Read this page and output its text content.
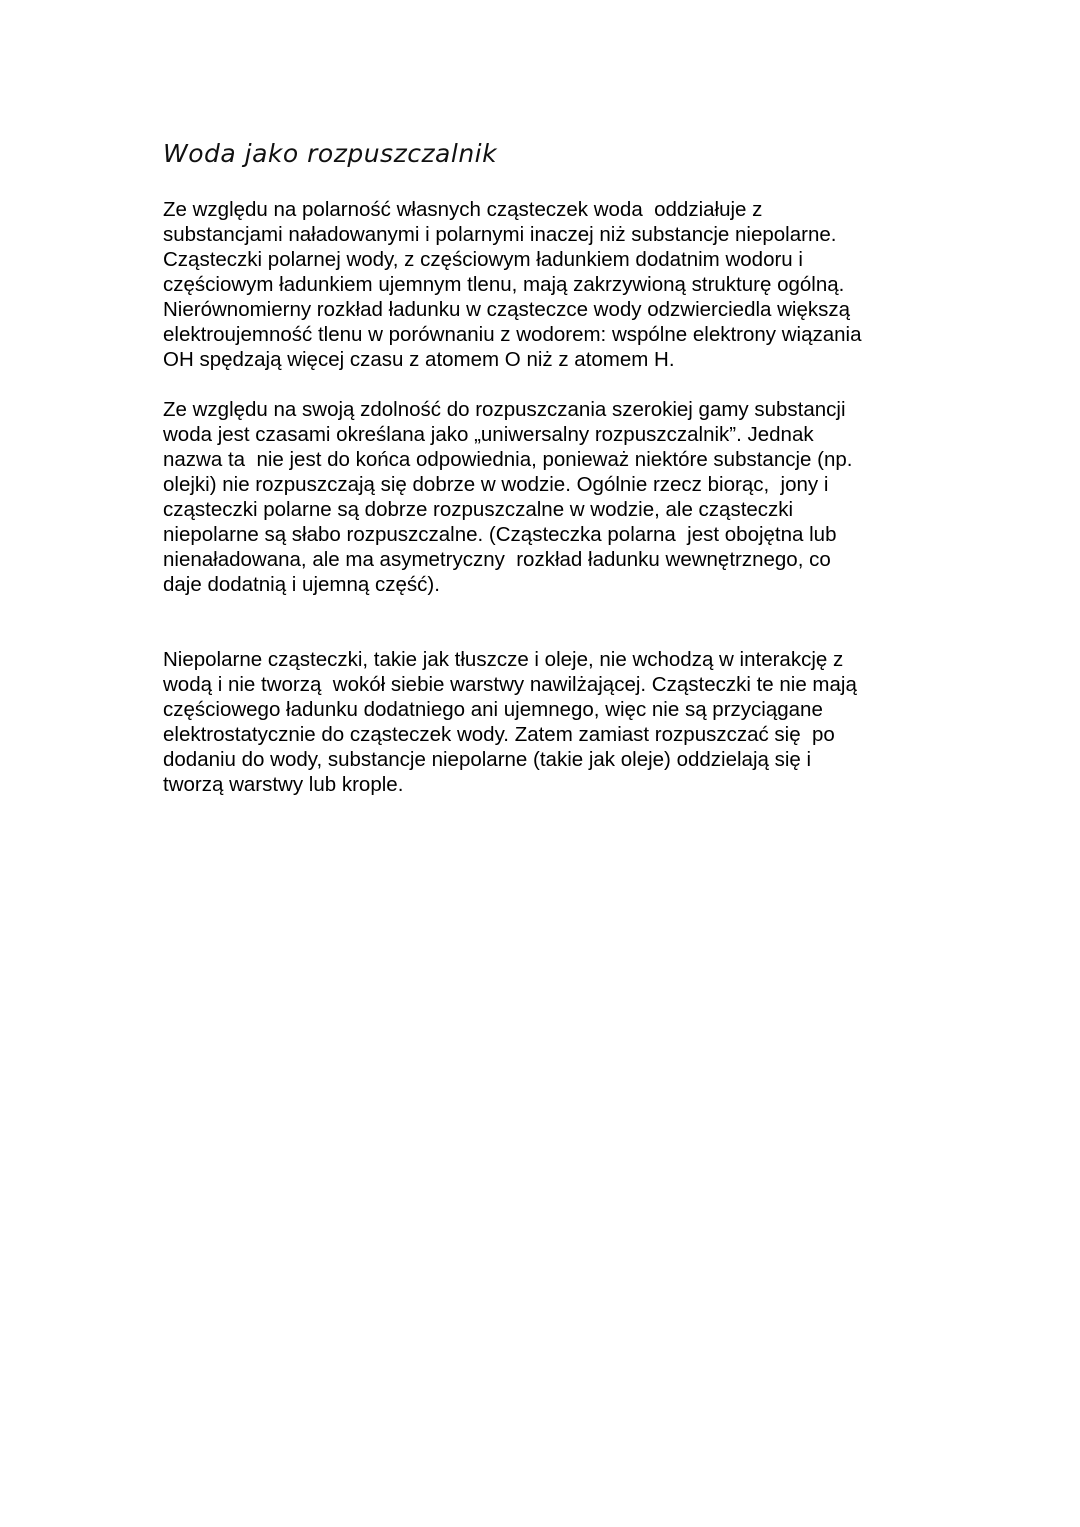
Woda jako rozpuszczalnik
Ze względu na polarność własnych cząsteczek woda  oddziałuje z
substancjami naładowanymi i polarnymi inaczej niż substancje niepolarne.
Cząsteczki polarnej wody, z częściowym ładunkiem dodatnim wodoru i
częściowym ładunkiem ujemnym tlenu, mają zakrzywioną strukturę ogólną.
Nierównomierny rozkład ładunku w cząsteczce wody odzwierciedla większą
elektroujemność tlenu w porównaniu z wodorem: wspólne elektrony wiązania
OH spędzają więcej czasu z atomem O niż z atomem H.
Ze względu na swoją zdolność do rozpuszczania szerokiej gamy substancji
woda jest czasami określana jako „uniwersalny rozpuszczalnik”. Jednak
nazwa ta  nie jest do końca odpowiednia, ponieważ niektóre substancje (np.
olejki) nie rozpuszczają się dobrze w wodzie. Ogólnie rzecz biorąc,  jony i
cząsteczki polarne są dobrze rozpuszczalne w wodzie, ale cząsteczki
niepolarne są słabo rozpuszczalne. (Cząsteczka polarna  jest obojętna lub
nienaładowana, ale ma asymetryczny  rozkład ładunku wewnętrznego, co
daje dodatnią i ujemną część).
Niepolarne cząsteczki, takie jak tłuszcze i oleje, nie wchodzą w interakcję z
wodą i nie tworzą  wokół siebie warstwy nawilżającej. Cząsteczki te nie mają
częściowego ładunku dodatniego ani ujemnego, więc nie są przyciągane
elektrostatycznie do cząsteczek wody. Zatem zamiast rozpuszczać się  po
dodaniu do wody, substancje niepolarne (takie jak oleje) oddzielają się i
tworzą warstwy lub krople.
